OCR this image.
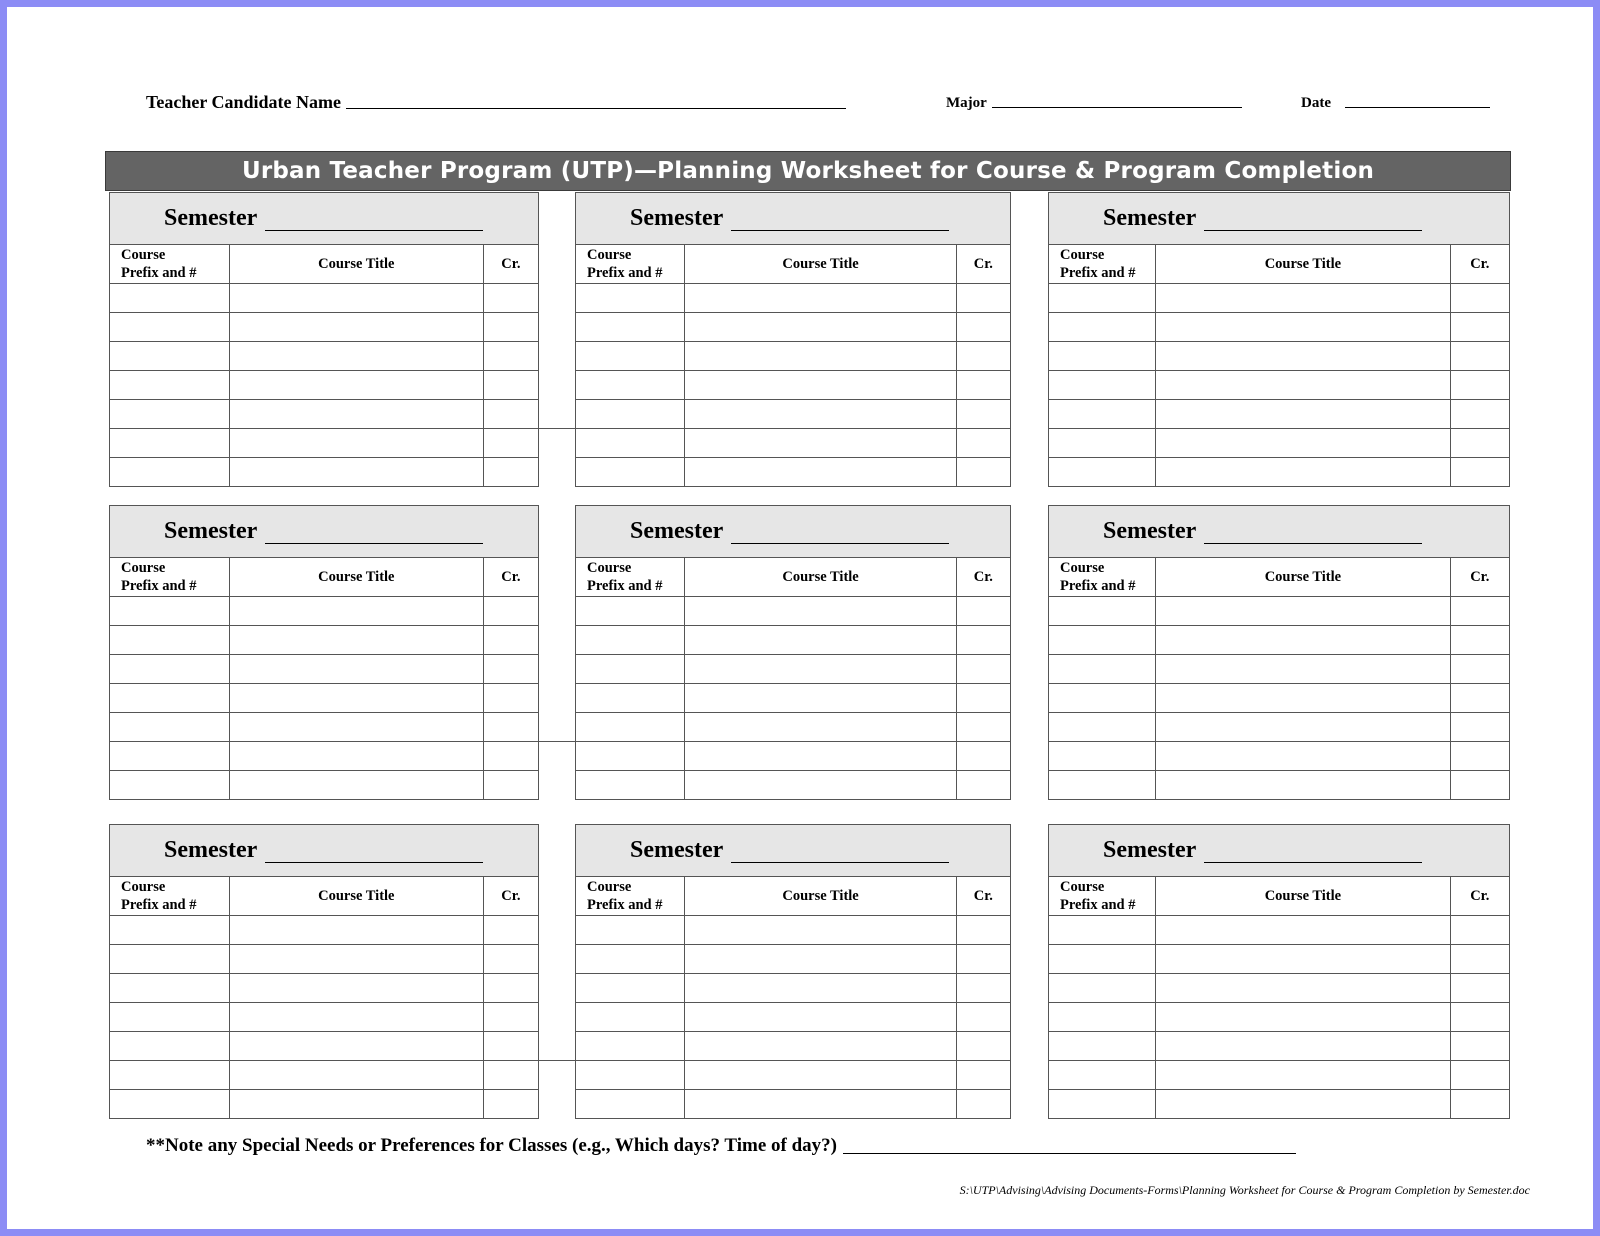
Teacher Candidate Name	Major	Date
Urban Teacher Program (UTP)—Planning Worksheet for Course & Program Completion
Semester
Course
Prefix and #	Course Title	Cr.

Semester
Course
Prefix and #	Course Title	Cr.

Semester
Course
Prefix and #	Course Title	Cr.

Semester
Course
Prefix and #	Course Title	Cr.

Semester
Course
Prefix and #	Course Title	Cr.

Semester
Course
Prefix and #	Course Title	Cr.

Semester
Course
Prefix and #	Course Title	Cr.

Semester
Course
Prefix and #	Course Title	Cr.

Semester
Course
Prefix and #	Course Title	Cr.

**Note any Special Needs or Preferences for Classes (e.g., Which days? Time of day?)
S:\UTP\Advising\Advising Documents-Forms\Planning Worksheet for Course & Program Completion by Semester.doc
